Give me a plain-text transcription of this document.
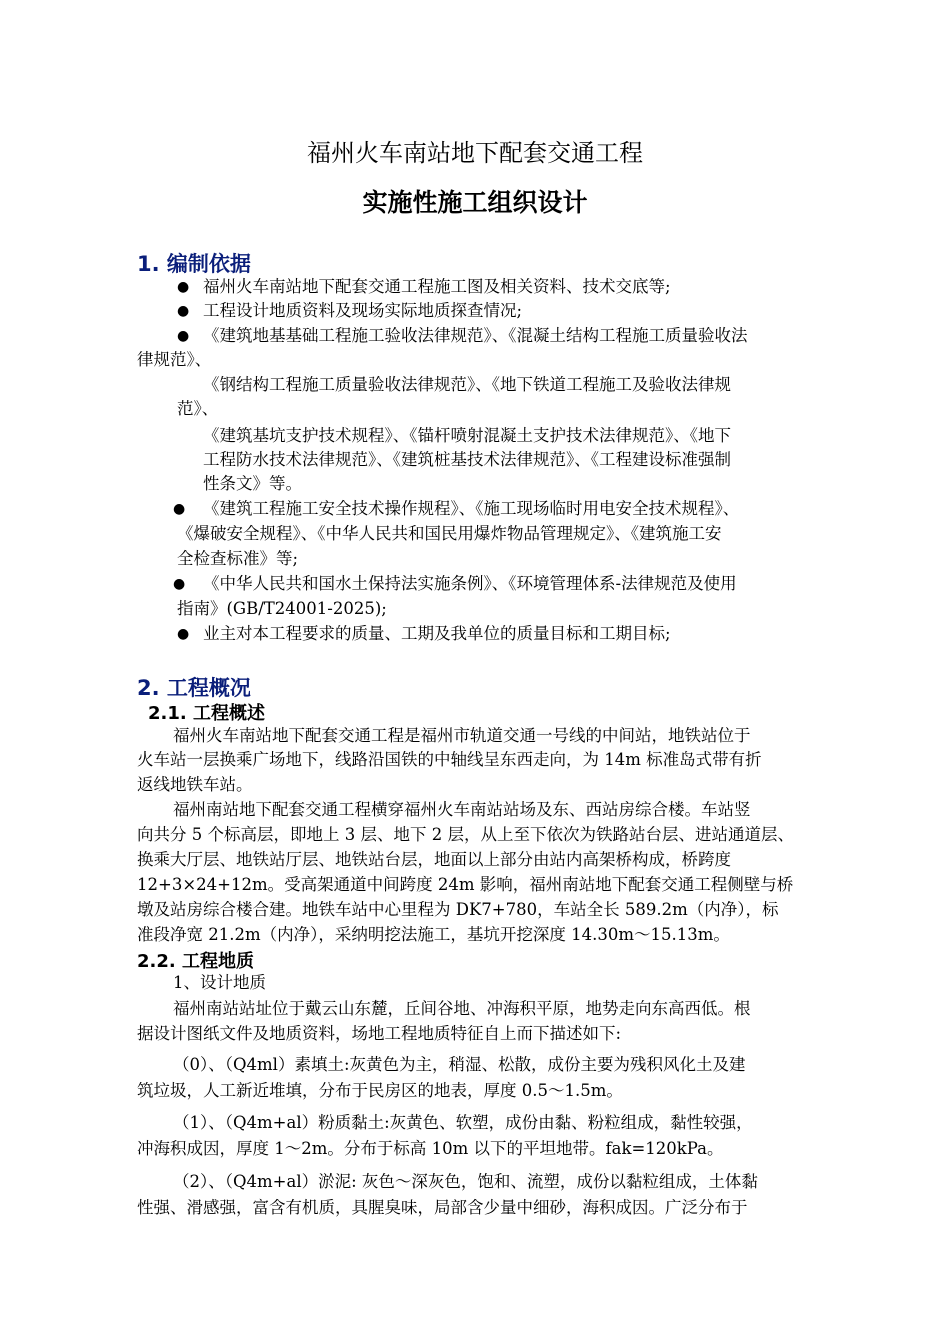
福州火车南站地下配套交通工程
实施性施工组织设计
1. 编制依据
● 福州火车南站地下配套交通工程施工图及相关资料、技术交底等;
● 工程设计地质资料及现场实际地质探查情况;
● 《建筑地基基础工程施工验收法律规范》、《混凝土结构工程施工质量验收法
律规范》、
《钢结构工程施工质量验收法律规范》、《地下铁道工程施工及验收法律规
范》、
《建筑基坑支护技术规程》、《锚杆喷射混凝土支护技术法律规范》、《地下
工程防水技术法律规范》、《建筑桩基技术法律规范》、《工程建设标准强制
性条文》等。
● 《建筑工程施工安全技术操作规程》、《施工现场临时用电安全技术规程》、
《爆破安全规程》、《中华人民共和国民用爆炸物品管理规定》、《建筑施工安
全检查标准》等;
● 《中华人民共和国水土保持法实施条例》、《环境管理体系-法律规范及使用
指南》(GB/T24001-2025);
● 业主对本工程要求的质量、工期及我单位的质量目标和工期目标;
2. 工程概况
2.1. 工程概述
福州火车南站地下配套交通工程是福州市轨道交通一号线的中间站，地铁站位于
火车站一层换乘广场地下，线路沿国铁的中轴线呈东西走向，为 14m 标准岛式带有折
返线地铁车站。
福州南站地下配套交通工程横穿福州火车南站站场及东、西站房综合楼。车站竖
向共分 5 个标高层，即地上 3 层、地下 2 层，从上至下依次为铁路站台层、进站通道层、
换乘大厅层、地铁站厅层、地铁站台层，地面以上部分由站内高架桥构成，桥跨度
12+3×24+12m。受高架通道中间跨度 24m 影响，福州南站地下配套交通工程侧壁与桥
墩及站房综合楼合建。地铁车站中心里程为 DK7+780，车站全长 589.2m（内净），标
准段净宽 21.2m（内净），采纳明挖法施工，基坑开挖深度 14.30m～15.13m。
2.2. 工程地质
1、设计地质
福州南站站址位于戴云山东麓，丘间谷地、冲海积平原，地势走向东高西低。根
据设计图纸文件及地质资料，场地工程地质特征自上而下描述如下:
（0）、（Q4ml）素填土:灰黄色为主，稍湿、松散，成份主要为残积风化土及建
筑垃圾，人工新近堆填，分布于民房区的地表，厚度 0.5～1.5m。
（1）、（Q4m+al）粉质黏土:灰黄色、软塑，成份由黏、粉粒组成，黏性较强，
冲海积成因，厚度 1～2m。分布于标高 10m 以下的平坦地带。fak=120kPa。
（2）、（Q4m+al）淤泥: 灰色～深灰色，饱和、流塑，成份以黏粒组成，土体黏
性强、滑感强，富含有机质，具腥臭味，局部含少量中细砂，海积成因。广泛分布于
